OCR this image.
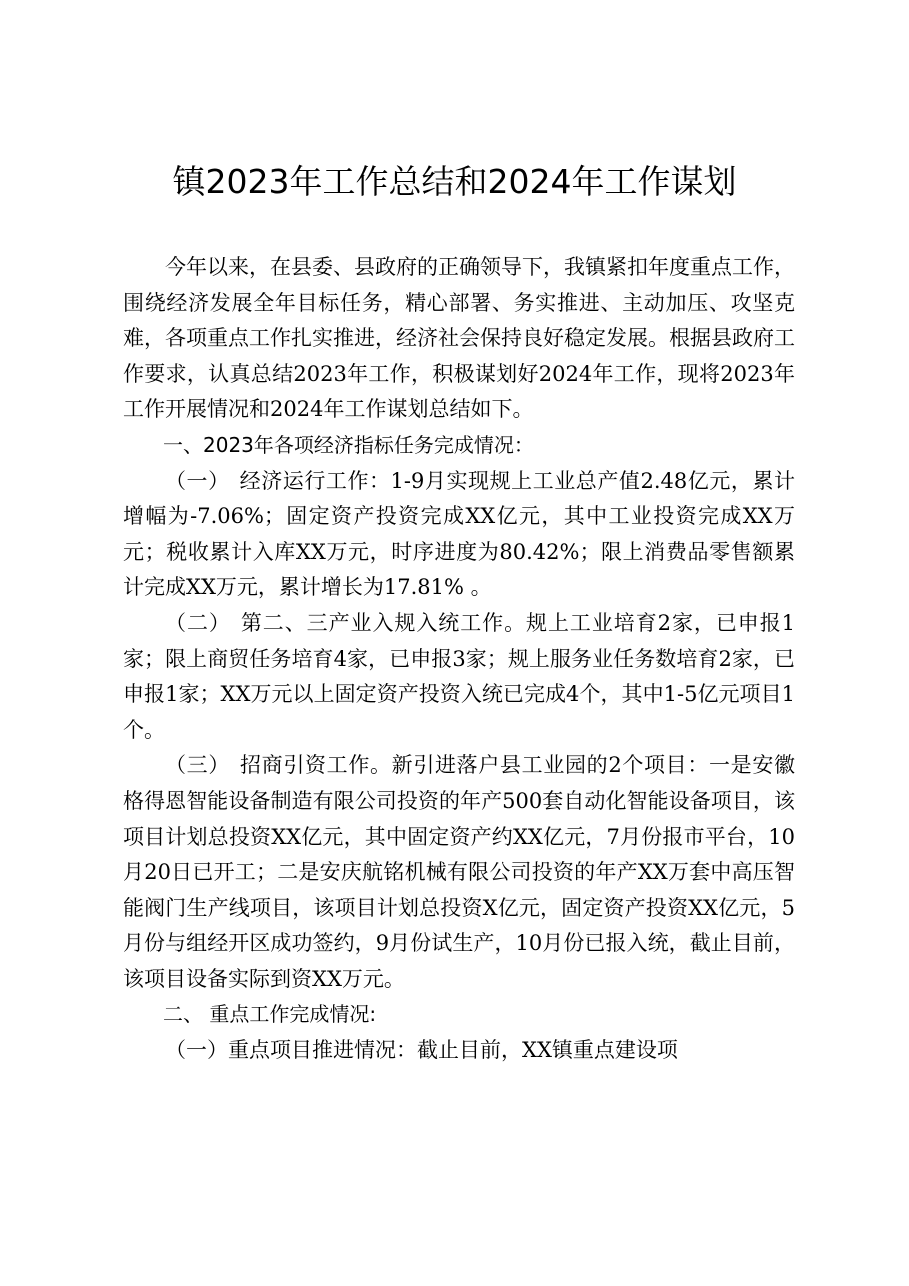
镇2023年工作总结和2024年工作谋划

今年以来，在县委、县政府的正确领导下，我镇紧扣年度重点工作，围绕经济发展全年目标任务，精心部署、务实推进、主动加压、攻坚克难，各项重点工作扎实推进，经济社会保持良好稳定发展。根据县政府工作要求，认真总结2023年工作，积极谋划好2024年工作，现将2023年工作开展情况和2024年工作谋划总结如下。

一、2023年各项经济指标任务完成情况：

（一） 经济运行工作：1-9月实现规上工业总产值2.48亿元，累计增幅为-7.06%；固定资产投资完成XX亿元，其中工业投资完成XX万元；税收累计入库XX万元，时序进度为80.42%；限上消费品零售额累计完成XX万元，累计增长为17.81% 。

（二） 第二、三产业入规入统工作。规上工业培育2家，已申报1家；限上商贸任务培育4家，已申报3家；规上服务业任务数培育2家，已申报1家；XX万元以上固定资产投资入统已完成4个，其中1-5亿元项目1个。

（三） 招商引资工作。新引进落户县工业园的2个项目：一是安徽格得恩智能设备制造有限公司投资的年产500套自动化智能设备项目，该项目计划总投资XX亿元，其中固定资产约XX亿元，7月份报市平台，10月20日已开工；二是安庆航铭机械有限公司投资的年产XX万套中高压智能阀门生产线项目，该项目计划总投资X亿元，固定资产投资XX亿元，5月份与组经开区成功签约，9月份试生产，10月份已报入统，截止目前，该项目设备实际到资XX万元。

二、 重点工作完成情况:

（一）重点项目推进情况：截止目前，XX镇重点建设项
